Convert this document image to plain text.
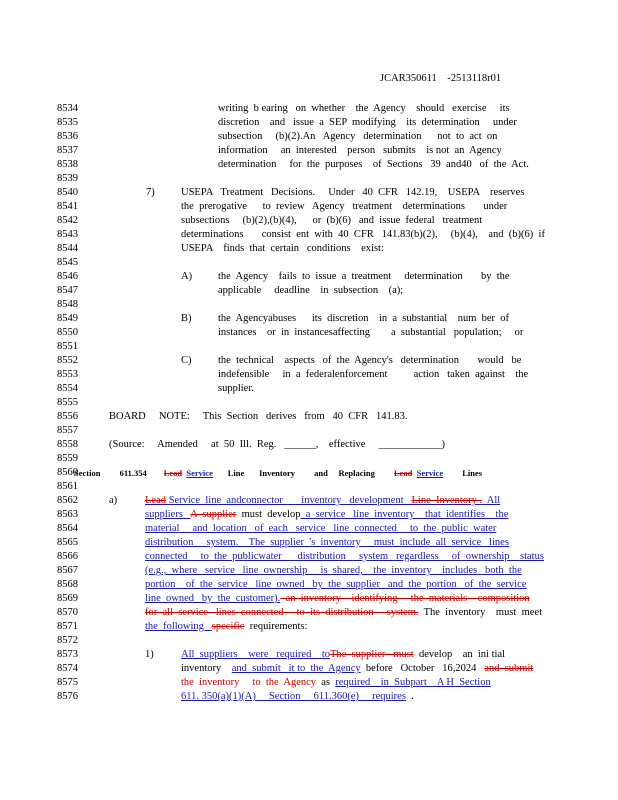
JCAR350611 -2513118r01
8534
8535
8536
8537
8538
8539
8540
8541
8542
8543
8544
8545
8546
8547
8548
8549
8550
8551
8552
8553
8554
8555
8556
8557
8558
8559
8560
8561
8562
8563
8564
8565
8566
8567
8568
8569
8570
8571
8572
8573
8574
8575
8576
writing  b earing   on  whether    the  Agency    should   exercise     its
discretion    and   issue  a  SEP  modifying    its  determination     under
subsection     (b)(2).An   Agency   determination      not  to  act  on
information     an  interested    person   submits    is not  an  Agency
determination     for  the  purposes    of  Sections   39  and40   of  the  Act.
7)	USEPA   Treatment   Decisions.     Under   40  CFR   142.19,    USEPA    reserves
the  prerogative      to  review   Agency   treatment    determinations       under
subsections     (b)(2),(b)(4),      or  (b)(6)   and  issue  federal   treatment
determinations       consist  ent  with  40  CFR   141.83(b)(2),     (b)(4),    and  (b)(6)  if
USEPA    finds  that  certain   conditions    exist:
A) the  Agency    fails  to  issue  a  treatment     determination       by  the
applicable     deadline    in  subsection    (a);
B)	the  Agencyabuses      its  discretion    in  a  substantial    num  ber  of
instances    or  in  instancesaffecting        a  substantial   population;     or
C)	the  technical    aspects   of  the  Agency's   determination       would   be
indefensible     in  a  federalenforcement          action   taken  against    the
supplier.
BOARD     NOTE:     This  Section   derives   from   40  CFR   141.83.
(Source:     Amended     at  50  Ill.  Reg. ______, effective ____________)
Section 611.354 Lead Service Line Inventory and Replacing Lead Service Lines
a)	Lead Service  line  andconnector       inventory   development   Line  Inventory .  All
suppliers   A  supplier  must  develop  a  service   line  inventory    that  identifies    the
material     and  location   of  each   service   line  connected     to  the  public  water
distribution     system.    The  supplier  's  inventory     must  include  all  service   lines
connected     to  the  publicwater      distribution     system   regardless     of  ownership    status
(e.g.,  where   service   line  ownership     is  shared,    the  inventory    includes   both  the
portion    of  the  service   line  owned   by  the  supplier   and  the  portion   of  the  service
line  owned   by  the  customer).  an  inventory    identifying     the  materials    composition
for  all  service   lines  connected     to  its  distribution     system.  The  inventory    must  meet
the  following   specific  requirements:
1)	All  suppliers    were   required    toThe  supplier   must  develop    an  ini tial
inventory    and  submit   it to  the  Agency  before   October   16,2024   and  submit
the  inventory     to  the  Agency  as  required    in  Subpart    A H  Section
611. 350(a)(1)(A)     Section     611.360(e)     requires  .
